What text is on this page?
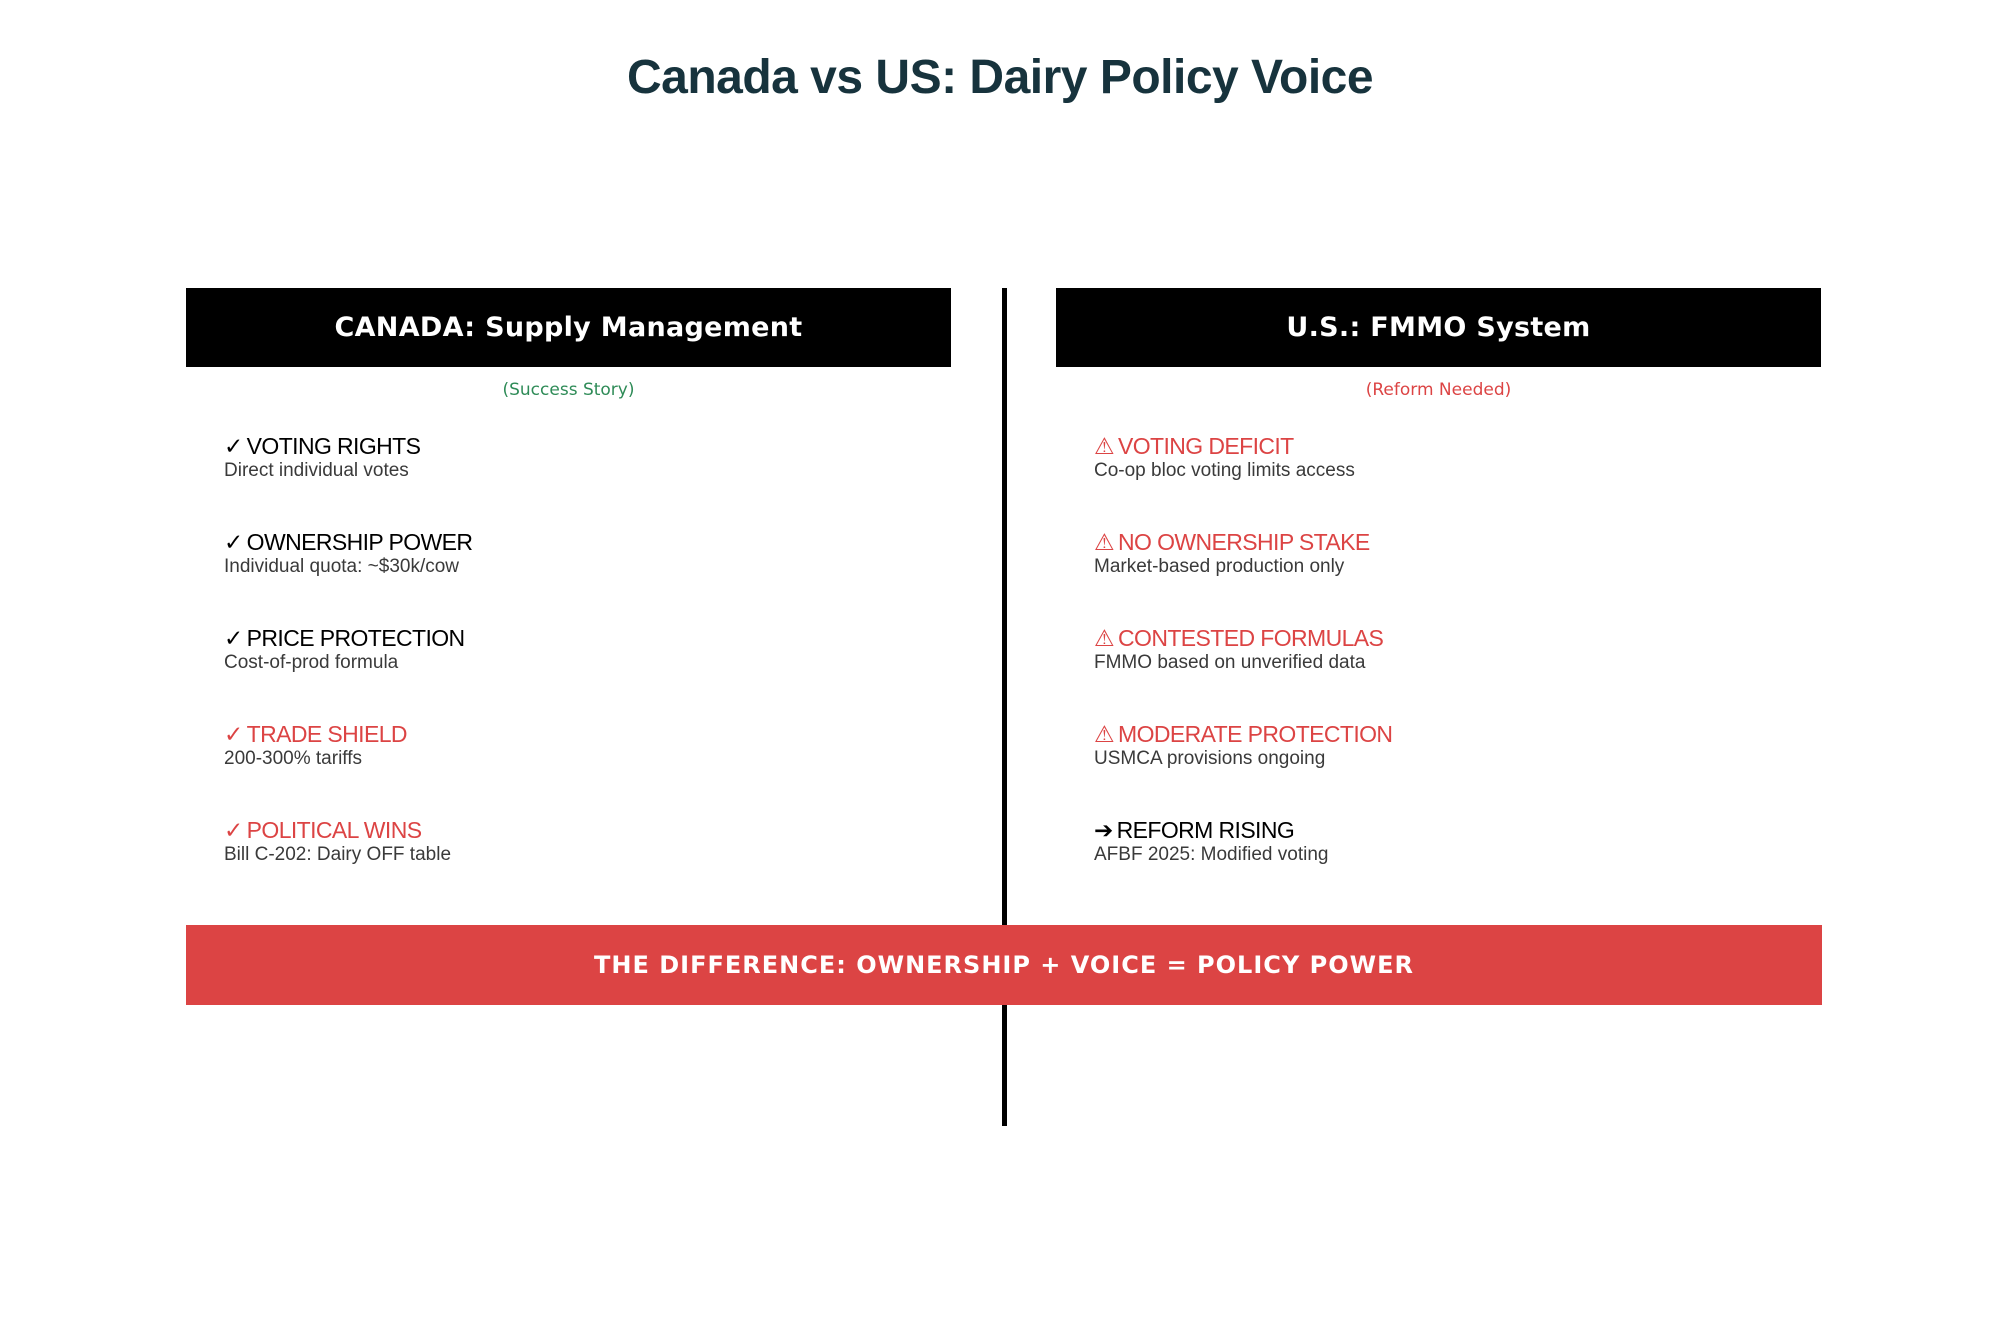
Canada vs US: Dairy Policy Voice
CANADA: Supply Management	U.S.: FMMO System
(Success Story)	(Reform Needed)
✓ VOTING RIGHTS
Direct individual votes
✓ OWNERSHIP POWER
Individual quota: ~$30k/cow
✓ PRICE PROTECTION
Cost-of-prod formula
✓ TRADE SHIELD
200-300% tariffs
✓ POLITICAL WINS
Bill C-202: Dairy OFF table
⚠ VOTING DEFICIT
Co-op bloc voting limits access
⚠ NO OWNERSHIP STAKE
Market-based production only
⚠ CONTESTED FORMULAS
FMMO based on unverified data
⚠ MODERATE PROTECTION
USMCA provisions ongoing
➔ REFORM RISING
AFBF 2025: Modified voting
THE DIFFERENCE: OWNERSHIP + VOICE = POLICY POWER
